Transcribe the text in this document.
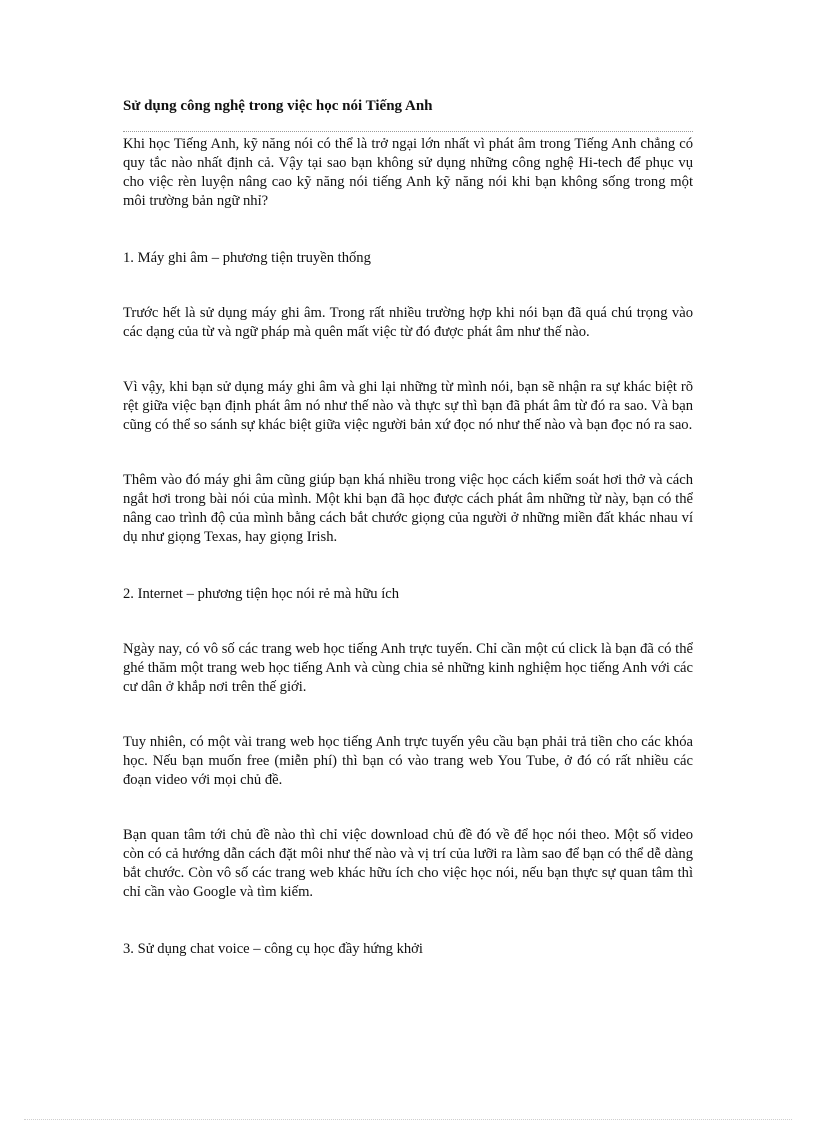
Sử dụng công nghệ trong việc học nói Tiếng Anh

Khi học Tiếng Anh, kỹ năng nói có thể là trở ngại lớn nhất vì phát âm trong Tiếng Anh chẳng có quy tắc nào nhất định cả. Vậy tại sao bạn không sử dụng những công nghệ Hi-tech để phục vụ cho việc rèn luyện nâng cao kỹ năng nói tiếng Anh kỹ năng nói khi bạn không sống trong một môi trường bản ngữ nhỉ?

1. Máy ghi âm – phương tiện truyền thống

Trước hết là sử dụng máy ghi âm. Trong rất nhiều trường hợp khi nói bạn đã quá chú trọng vào các dạng của từ và ngữ pháp mà quên mất việc từ đó được phát âm như thế nào.

Vì vậy, khi bạn sử dụng máy ghi âm và ghi lại những từ mình nói, bạn sẽ nhận ra sự khác biệt rõ rệt giữa việc bạn định phát âm nó như thế nào và thực sự thì bạn đã phát âm từ đó ra sao. Và bạn cũng có thể so sánh sự khác biệt giữa việc người bản xứ đọc nó như thế nào và bạn đọc nó ra sao.

Thêm vào đó máy ghi âm cũng giúp bạn khá nhiều trong việc học cách kiểm soát hơi thở và cách ngắt hơi trong bài nói của mình. Một khi bạn đã học được cách phát âm những từ này, bạn có thể nâng cao trình độ của mình bằng cách bắt chước giọng của người ở những miền đất khác nhau ví dụ như giọng Texas, hay giọng Irish.

2. Internet – phương tiện học nói rẻ mà hữu ích

Ngày nay, có vô số các trang web học tiếng Anh trực tuyến. Chỉ cần một cú click là bạn đã có thể ghé thăm một trang web học tiếng Anh và cùng chia sẻ những kinh nghiệm học tiếng Anh với các cư dân ở khắp nơi trên thế giới.

Tuy nhiên, có một vài trang web học tiếng Anh trực tuyến yêu cầu bạn phải trả tiền cho các khóa học. Nếu bạn muốn free (miễn phí) thì bạn có vào trang web You Tube, ở đó có rất nhiều các đoạn video với mọi chủ đề.

Bạn quan tâm tới chủ đề nào thì chỉ việc download chủ đề đó về để học nói theo. Một số video còn có cả hướng dẫn cách đặt môi như thế nào và vị trí của lưỡi ra làm sao để bạn có thể dễ dàng bắt chước. Còn vô số các trang web khác hữu ích cho việc học nói, nếu bạn thực sự quan tâm thì chỉ cần vào Google và tìm kiếm.

3. Sử dụng chat voice – công cụ học đầy hứng khởi
